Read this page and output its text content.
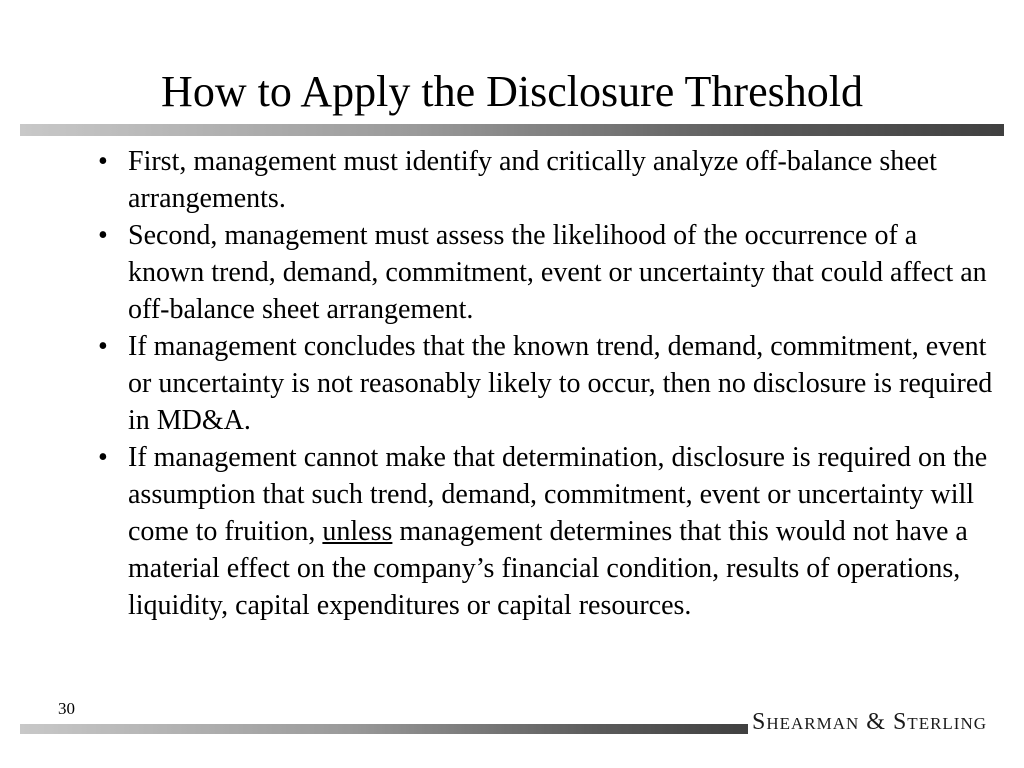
How to Apply the Disclosure Threshold
• First, management must identify and critically analyze off-balance sheet arrangements.
• Second, management must assess the likelihood of the occurrence of a known trend, demand, commitment, event or uncertainty that could affect an off-balance sheet arrangement.
• If management concludes that the known trend, demand, commitment, event or uncertainty is not reasonably likely to occur, then no disclosure is required in MD&A.
• If management cannot make that determination, disclosure is required on the assumption that such trend, demand, commitment, event or uncertainty will come to fruition, unless management determines that this would not have a material effect on the company’s financial condition, results of operations, liquidity, capital expenditures or capital resources.
30
Shearman & Sterling
